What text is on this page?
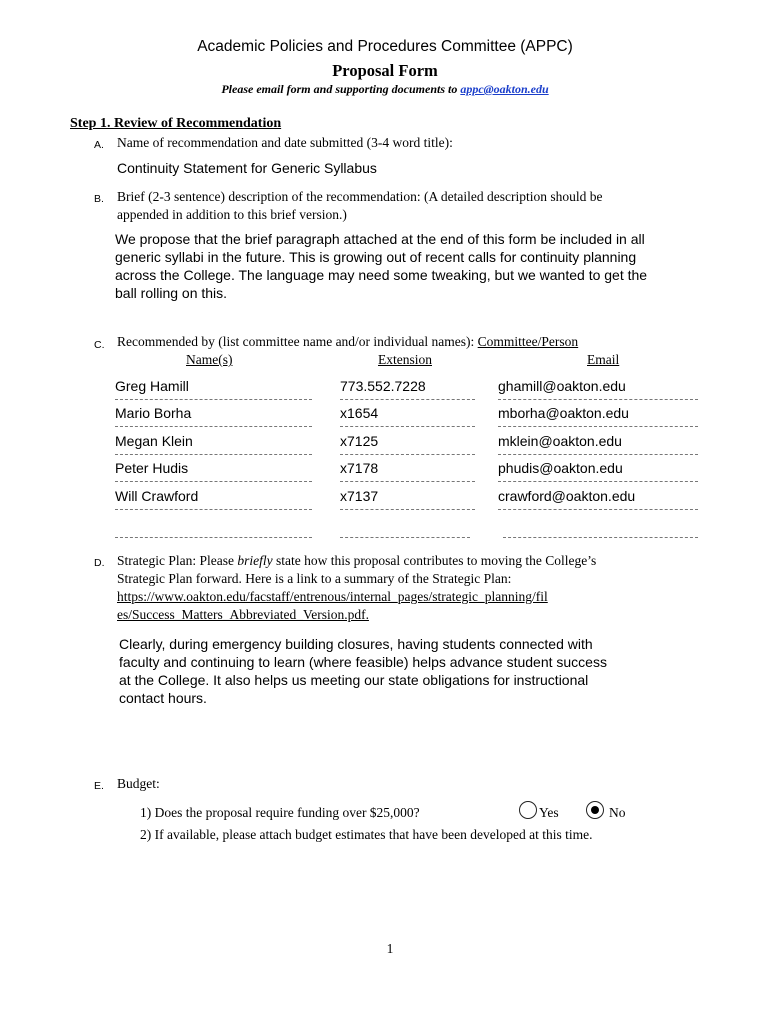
Academic Policies and Procedures Committee (APPC)
Proposal Form
Please email form and supporting documents to appc@oakton.edu
Step 1. Review of Recommendation
A. Name of recommendation and date submitted (3-4 word title):
Continuity Statement for Generic Syllabus
B. Brief (2-3 sentence) description of the recommendation: (A detailed description should be
appended in addition to this brief version.)
We propose that the brief paragraph attached at the end of this form be included in all
generic syllabi in the future. This is growing out of recent calls for continuity planning
across the College. The language may need some tweaking, but we wanted to get the
ball rolling on this.
C. Recommended by (list committee name and/or individual names): Committee/Person
Name(s)	Extension	Email
Greg Hamill	773.552.7228	ghamill@oakton.edu
Mario Borha	x1654	mborha@oakton.edu
Megan Klein	x7125	mklein@oakton.edu
Peter Hudis	x7178	phudis@oakton.edu
Will Crawford	x7137	crawford@oakton.edu
D. Strategic Plan: Please briefly state how this proposal contributes to moving the College’s
Strategic Plan forward. Here is a link to a summary of the Strategic Plan:
https://www.oakton.edu/facstaff/entrenous/internal_pages/strategic_planning/fil
es/Success_Matters_Abbreviated_Version.pdf.
Clearly, during emergency building closures, having students connected with
faculty and continuing to learn (where feasible) helps advance student success
at the College. It also helps us meeting our state obligations for instructional
contact hours.
E. Budget:
1) Does the proposal require funding over $25,000?	Yes	No
2) If available, please attach budget estimates that have been developed at this time.
1
